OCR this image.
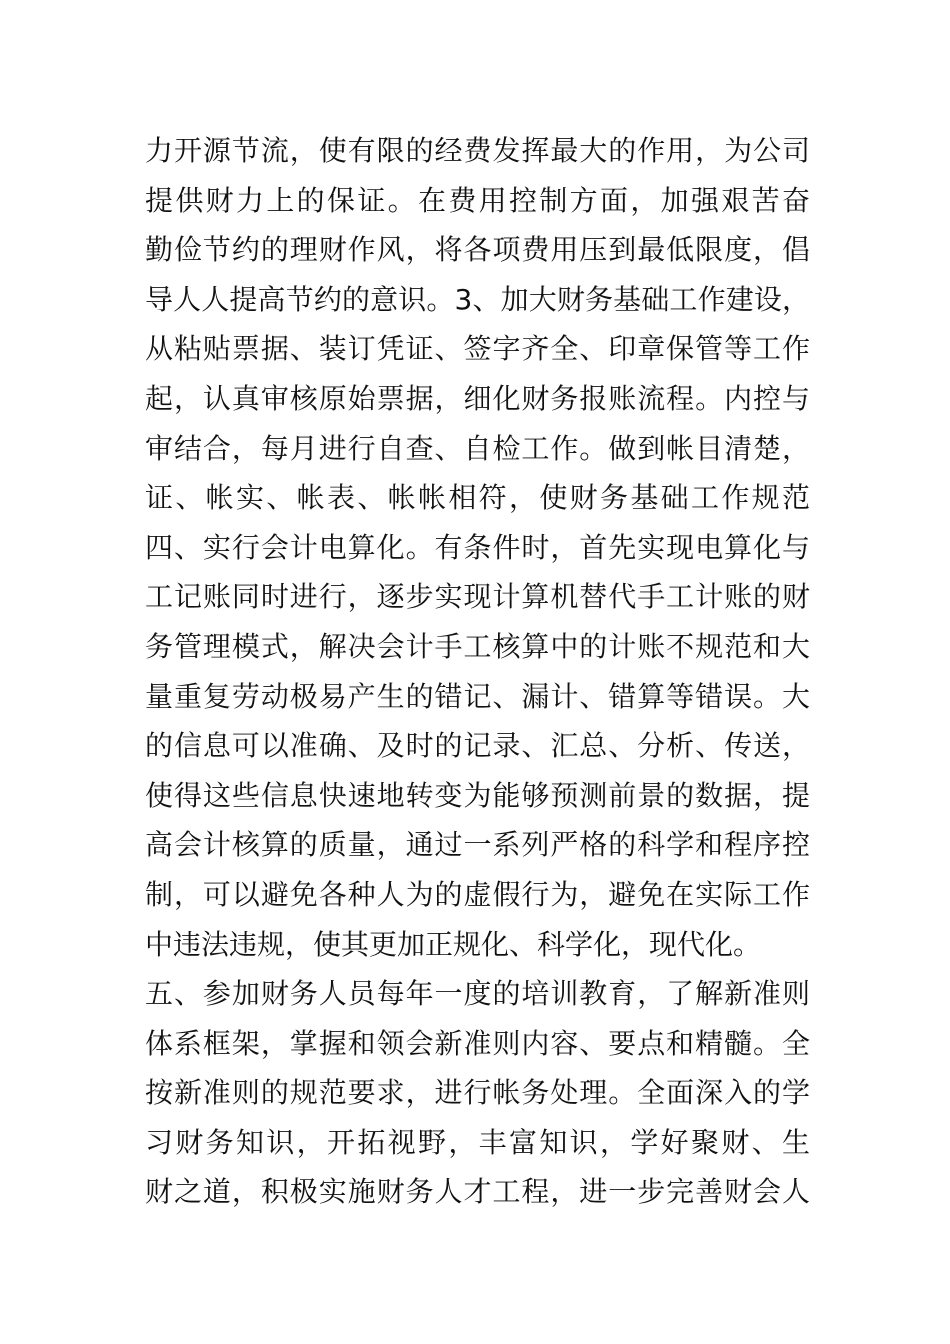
力开源节流，使有限的经费发挥最大的作用，为公司
提供财力上的保证。在费用控制方面，加强艰苦奋
勤俭节约的理财作风，将各项费用压到最低限度，倡
导人人提高节约的意识。3、加大财务基础工作建设，
从粘贴票据、装订凭证、签字齐全、印章保管等工作
起，认真审核原始票据，细化财务报账流程。内控与
审结合，每月进行自查、自检工作。做到帐目清楚，
证、帐实、帐表、帐帐相符，使财务基础工作规范
四、实行会计电算化。有条件时，首先实现电算化与
工记账同时进行，逐步实现计算机替代手工计账的财
务管理模式，解决会计手工核算中的计账不规范和大
量重复劳动极易产生的错记、漏计、错算等错误。大
的信息可以准确、及时的记录、汇总、分析、传送，
使得这些信息快速地转变为能够预测前景的数据，提
高会计核算的质量，通过一系列严格的科学和程序控
制，可以避免各种人为的虚假行为，避免在实际工作
中违法违规，使其更加正规化、科学化，现代化。
五、参加财务人员每年一度的培训教育，了解新准则
体系框架，掌握和领会新准则内容、要点和精髓。全
按新准则的规范要求，进行帐务处理。全面深入的学
习财务知识，开拓视野，丰富知识，学好聚财、生
财之道，积极实施财务人才工程，进一步完善财会人
